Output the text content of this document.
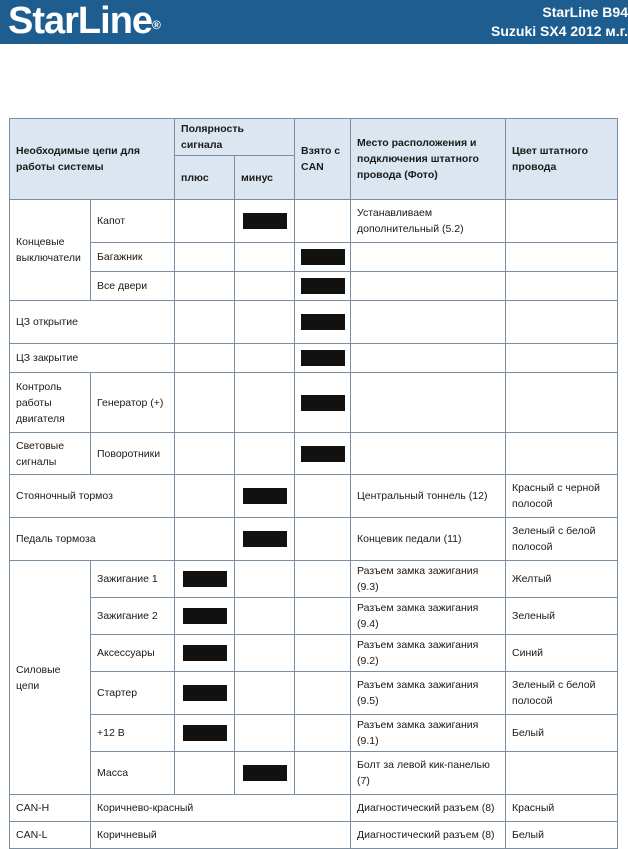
StarLine®
StarLine B94
Suzuki SX4 2012 м.г.
Необходимые цепи для работы системы		Полярность сигнала		Взято с CAN	Место расположения и подключения штатного провода (Фото)	Цвет штатного провода
		плюс	минус			
Концевые выключатели	Капот				Устанавливаем дополнительный (5.2)	
	Багажник			

	Все двери			

ЦЗ открытие				

ЦЗ закрытие				

Контроль работы двигателя	Генератор (+)			

Световые сигналы	Поворотники			

Стояночный тормоз					Центральный тоннель (12)	Красный с черной полосой
Педаль тормоза					Концевик педали (11)	Зеленый с белой полосой
Силовые цепи	Зажигание 1				Разъем замка зажигания (9.3)	Желтый
	Зажигание 2				Разъем замка зажигания (9.4)	Зеленый
	Аксессуары				Разъем замка зажигания (9.2)	Синий
	Стартер				Разъем замка зажигания (9.5)	Зеленый с белой полосой
	+12 В				Разъем замка зажигания (9.1)	Белый
	Масса				Болт за левой кик-панелью (7)	
CAN-H	Коричнево-красный				Диагностический разъем (8)	Красный
CAN-L	Коричневый				Диагностический разъем (8)	Белый
